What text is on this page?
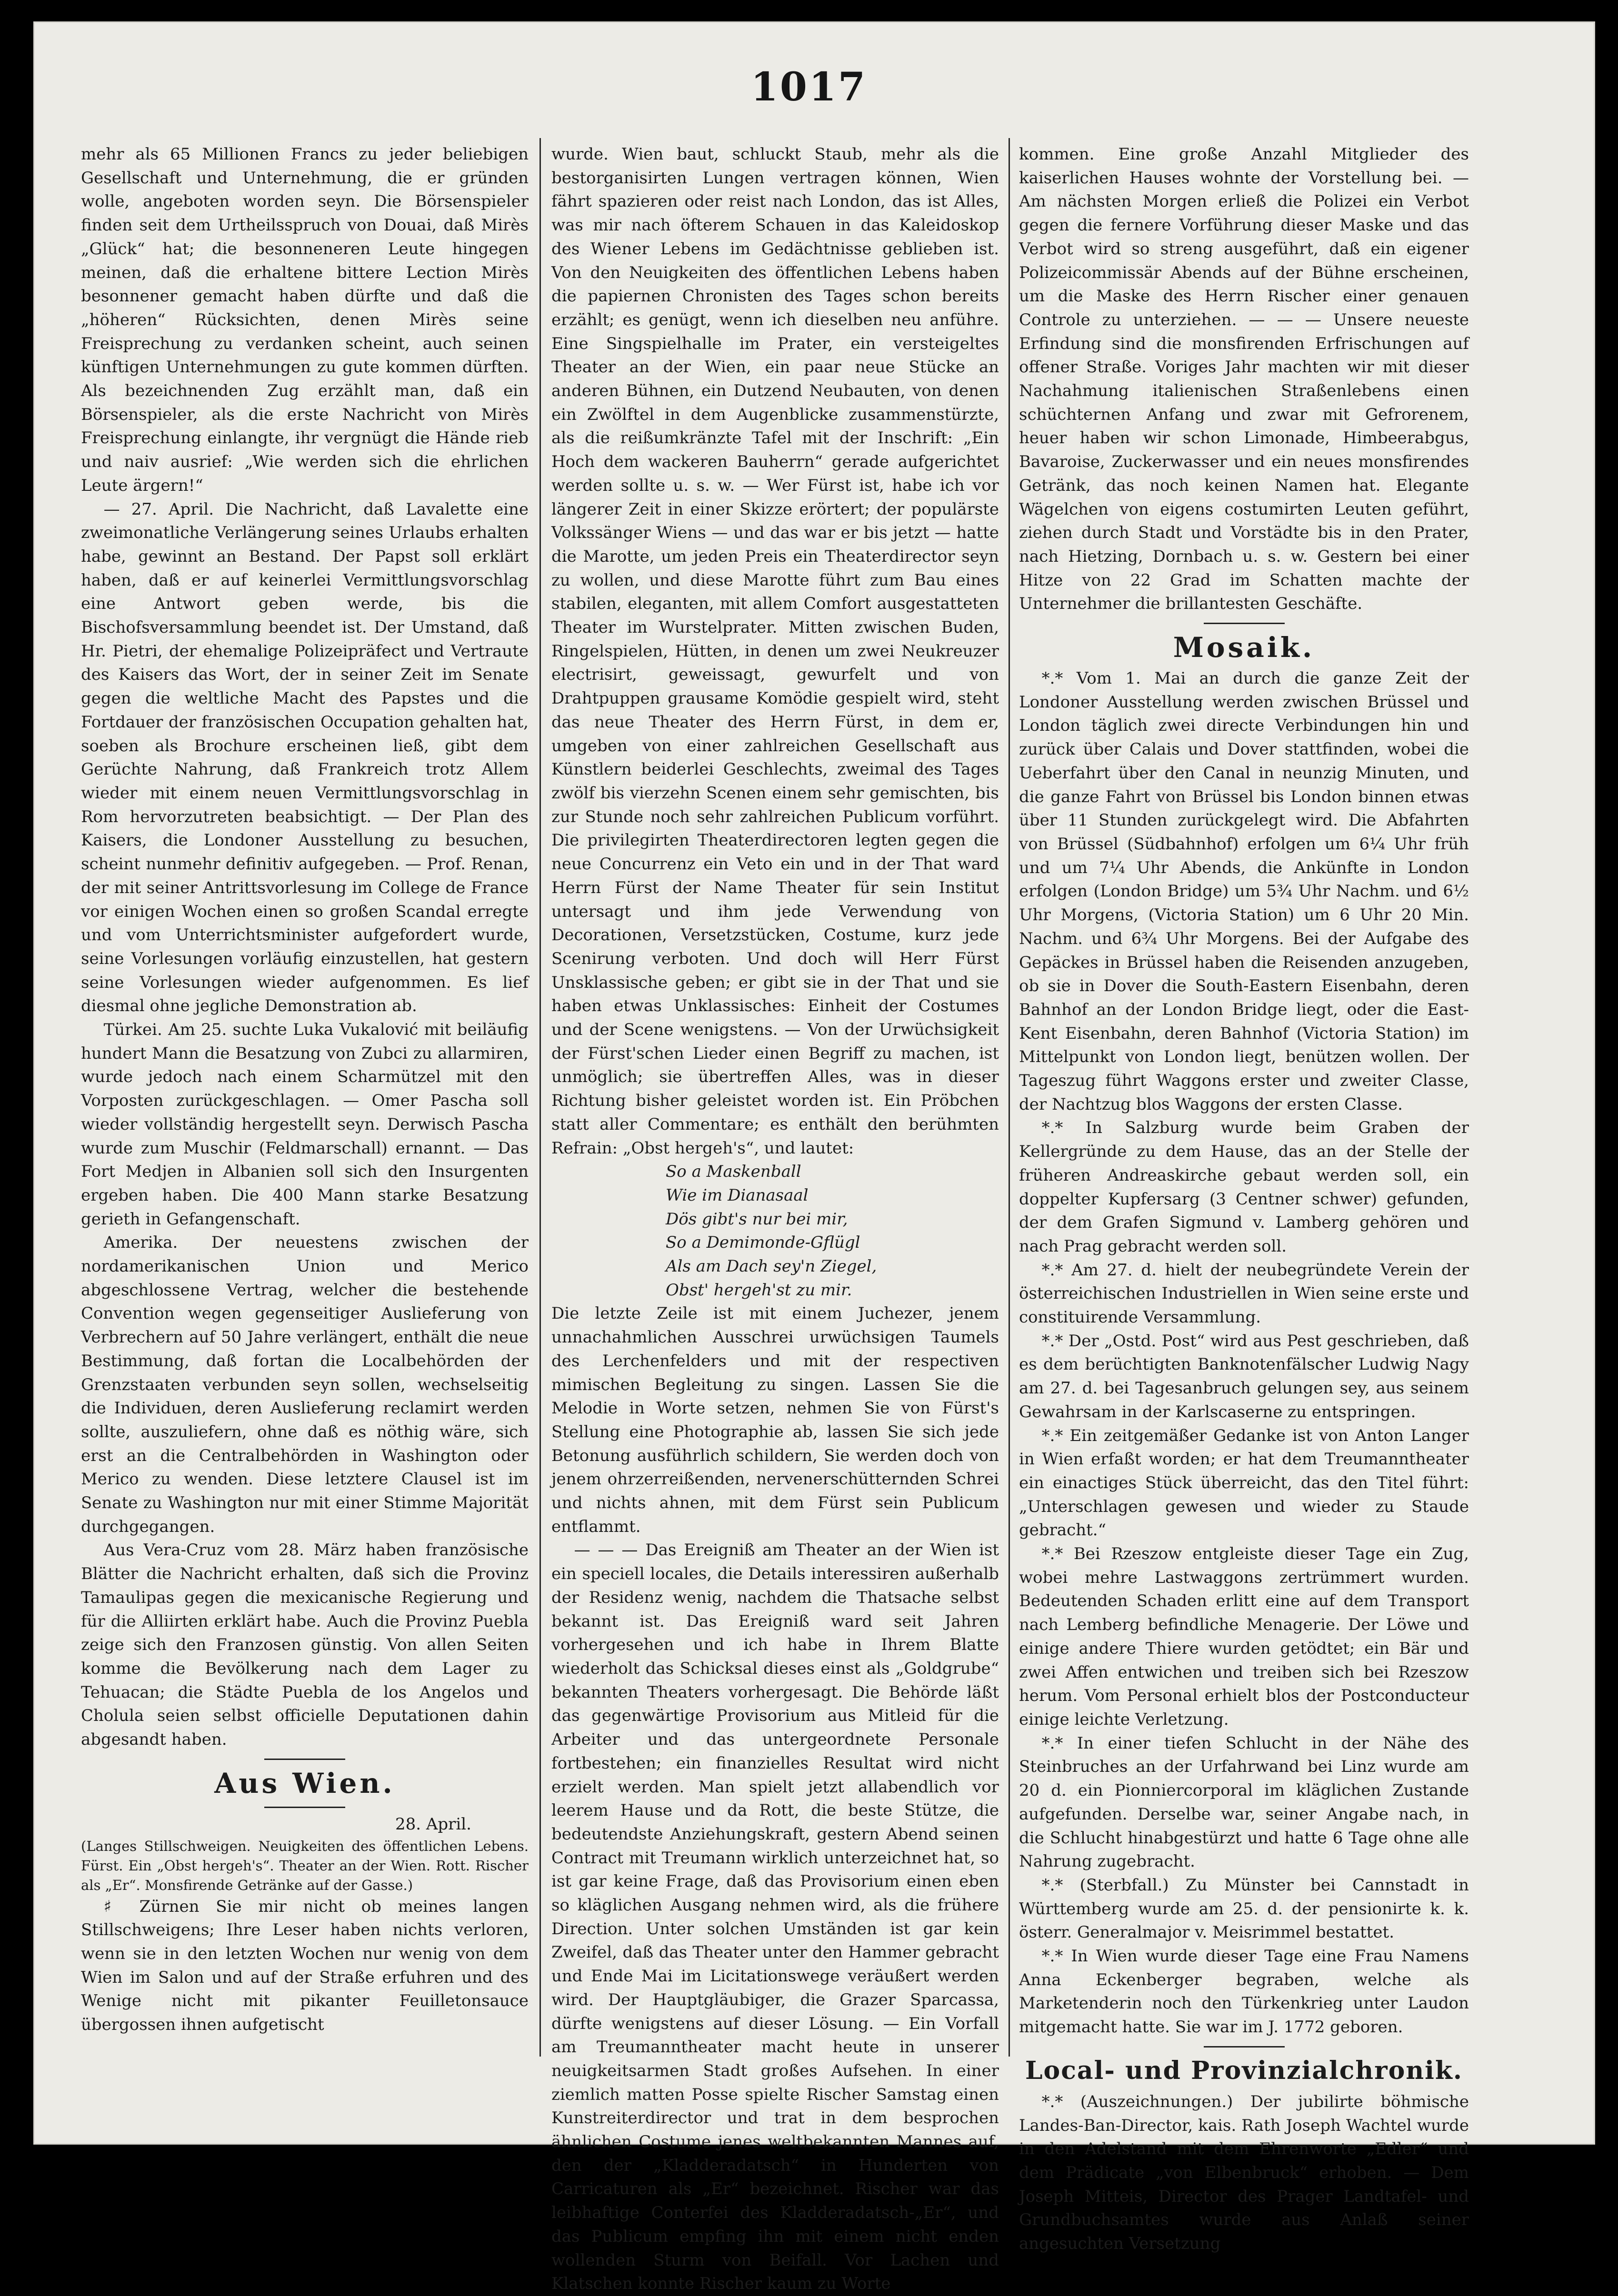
1017

mehr als 65 Millionen Francs zu jeder beliebigen Gesellschaft und Unternehmung, die er gründen wolle, angeboten worden seyn. Die Börsenspieler finden seit dem Urtheilsspruch von Douai, daß Mirès „Glück“ hat; die besonneneren Leute hingegen meinen, daß die erhaltene bittere Lection Mirès besonnener gemacht haben dürfte und daß die „höheren“ Rücksichten, denen Mirès seine Freisprechung zu verdanken scheint, auch seinen künftigen Unternehmungen zu gute kommen dürften. Als bezeichnenden Zug erzählt man, daß ein Börsenspieler, als die erste Nachricht von Mirès Freisprechung einlangte, ihr vergnügt die Hände rieb und naiv ausrief: „Wie werden sich die ehrlichen Leute ärgern!“

— 27. April. Die Nachricht, daß Lavalette eine zweimonatliche Verlängerung seines Urlaubs erhalten habe, gewinnt an Bestand. Der Papst soll erklärt haben, daß er auf keinerlei Vermittlungsvorschlag eine Antwort geben werde, bis die Bischofsversammlung beendet ist. Der Umstand, daß Hr. Pietri, der ehemalige Polizeipräfect und Vertraute des Kaisers das Wort, der in seiner Zeit im Senate gegen die weltliche Macht des Papstes und die Fortdauer der französischen Occupation gehalten hat, soeben als Brochure erscheinen ließ, gibt dem Gerüchte Nahrung, daß Frankreich trotz Allem wieder mit einem neuen Vermittlungsvorschlag in Rom hervorzutreten beabsichtigt. — Der Plan des Kaisers, die Londoner Ausstellung zu besuchen, scheint nunmehr definitiv aufgegeben. — Prof. Renan, der mit seiner Antrittsvorlesung im College de France vor einigen Wochen einen so großen Scandal erregte und vom Unterrichtsminister aufgefordert wurde, seine Vorlesungen vorläufig einzustellen, hat gestern seine Vorlesungen wieder aufgenommen. Es lief diesmal ohne jegliche Demonstration ab.

Türkei. Am 25. suchte Luka Vukalović mit beiläufig hundert Mann die Besatzung von Zubci zu allarmiren, wurde jedoch nach einem Scharmützel mit den Vorposten zurückgeschlagen. — Omer Pascha soll wieder vollständig hergestellt seyn. Derwisch Pascha wurde zum Muschir (Feldmarschall) ernannt. — Das Fort Medjen in Albanien soll sich den Insurgenten ergeben haben. Die 400 Mann starke Besatzung gerieth in Gefangenschaft.

Amerika. Der neuestens zwischen der nordamerikanischen Union und Merico abgeschlossene Vertrag, welcher die bestehende Convention wegen gegenseitiger Auslieferung von Verbrechern auf 50 Jahre verlängert, enthält die neue Bestimmung, daß fortan die Localbehörden der Grenzstaaten verbunden seyn sollen, wechselseitig die Individuen, deren Auslieferung reclamirt werden sollte, auszuliefern, ohne daß es nöthig wäre, sich erst an die Centralbehörden in Washington oder Merico zu wenden. Diese letztere Clausel ist im Senate zu Washington nur mit einer Stimme Majorität durchgegangen.

Aus Vera-Cruz vom 28. März haben französische Blätter die Nachricht erhalten, daß sich die Provinz Tamaulipas gegen die mexicanische Regierung und für die Alliirten erklärt habe. Auch die Provinz Puebla zeige sich den Franzosen günstig. Von allen Seiten komme die Bevölkerung nach dem Lager zu Tehuacan; die Städte Puebla de los Angelos und Cholula seien selbst officielle Deputationen dahin abgesandt haben.

Aus Wien.
28. April.

(Langes Stillschweigen. Neuigkeiten des öffentlichen Lebens. Fürst. Ein „Obst hergeh's“. Theater an der Wien. Rott. Rischer als „Er“. Monsfirende Getränke auf der Gasse.)

♯ Zürnen Sie mir nicht ob meines langen Stillschweigens; Ihre Leser haben nichts verloren, wenn sie in den letzten Wochen nur wenig von dem Wien im Salon und auf der Straße erfuhren und des Wenige nicht mit pikanter Feuilletonsauce übergossen ihnen aufgetischt

wurde. Wien baut, schluckt Staub, mehr als die bestorganisirten Lungen vertragen können, Wien fährt spazieren oder reist nach London, das ist Alles, was mir nach öfterem Schauen in das Kaleidoskop des Wiener Lebens im Gedächtnisse geblieben ist. Von den Neuigkeiten des öffentlichen Lebens haben die papiernen Chronisten des Tages schon bereits erzählt; es genügt, wenn ich dieselben neu anführe. Eine Singspielhalle im Prater, ein versteigeltes Theater an der Wien, ein paar neue Stücke an anderen Bühnen, ein Dutzend Neubauten, von denen ein Zwölftel in dem Augenblicke zusammenstürzte, als die reißumkränzte Tafel mit der Inschrift: „Ein Hoch dem wackeren Bauherrn“ gerade aufgerichtet werden sollte u. s. w. — Wer Fürst ist, habe ich vor längerer Zeit in einer Skizze erörtert; der populärste Volkssänger Wiens — und das war er bis jetzt — hatte die Marotte, um jeden Preis ein Theaterdirector seyn zu wollen, und diese Marotte führt zum Bau eines stabilen, eleganten, mit allem Comfort ausgestatteten Theater im Wurstelprater. Mitten zwischen Buden, Ringelspielen, Hütten, in denen um zwei Neukreuzer electrisirt, geweissagt, gewurfelt und von Drahtpuppen grausame Komödie gespielt wird, steht das neue Theater des Herrn Fürst, in dem er, umgeben von einer zahlreichen Gesellschaft aus Künstlern beiderlei Geschlechts, zweimal des Tages zwölf bis vierzehn Scenen einem sehr gemischten, bis zur Stunde noch sehr zahlreichen Publicum vorführt. Die privilegirten Theaterdirectoren legten gegen die neue Concurrenz ein Veto ein und in der That ward Herrn Fürst der Name Theater für sein Institut untersagt und ihm jede Verwendung von Decorationen, Versetzstücken, Costume, kurz jede Scenirung verboten. Und doch will Herr Fürst Unsklassische geben; er gibt sie in der That und sie haben etwas Unklassisches: Einheit der Costumes und der Scene wenigstens. — Von der Urwüchsigkeit der Fürst'schen Lieder einen Begriff zu machen, ist unmöglich; sie übertreffen Alles, was in dieser Richtung bisher geleistet worden ist. Ein Pröbchen statt aller Commentare; es enthält den berühmten Refrain: „Obst hergeh's“, und lautet:

So a Maskenball
Wie im Dianasaal
Dös gibt's nur bei mir,
So a Demimonde-Gflügl
Als am Dach sey'n Ziegel,
Obst' hergeh'st zu mir.

Die letzte Zeile ist mit einem Juchezer, jenem unnachahmlichen Ausschrei urwüchsigen Taumels des Lerchenfelders und mit der respectiven mimischen Begleitung zu singen. Lassen Sie die Melodie in Worte setzen, nehmen Sie von Fürst's Stellung eine Photographie ab, lassen Sie sich jede Betonung ausführlich schildern, Sie werden doch von jenem ohrzerreißenden, nervenerschütternden Schrei und nichts ahnen, mit dem Fürst sein Publicum entflammt.

— — — Das Ereigniß am Theater an der Wien ist ein speciell locales, die Details interessiren außerhalb der Residenz wenig, nachdem die Thatsache selbst bekannt ist. Das Ereigniß ward seit Jahren vorhergesehen und ich habe in Ihrem Blatte wiederholt das Schicksal dieses einst als „Goldgrube“ bekannten Theaters vorhergesagt. Die Behörde läßt das gegenwärtige Provisorium aus Mitleid für die Arbeiter und das untergeordnete Personale fortbestehen; ein finanzielles Resultat wird nicht erzielt werden. Man spielt jetzt allabendlich vor leerem Hause und da Rott, die beste Stütze, die bedeutendste Anziehungskraft, gestern Abend seinen Contract mit Treumann wirklich unterzeichnet hat, so ist gar keine Frage, daß das Provisorium einen eben so kläglichen Ausgang nehmen wird, als die frühere Direction. Unter solchen Umständen ist gar kein Zweifel, daß das Theater unter den Hammer gebracht und Ende Mai im Licitationswege veräußert werden wird. Der Hauptgläubiger, die Grazer Sparcassa, dürfte wenigstens auf dieser Lösung. — Ein Vorfall am Treumanntheater macht heute in unserer neuigkeitsarmen Stadt großes Aufsehen. In einer ziemlich matten Posse spielte Rischer Samstag einen Kunstreiterdirector und trat in dem besprochen ähnlichen Costume jenes weltbekannten Mannes auf, den der „Kladderadatsch“ in Hunderten von Carricaturen als „Er“ bezeichnet. Rischer war das leibhaftige Conterfei des Kladderadatsch-„Er“, und das Publicum empfing ihn mit einem nicht enden wollenden Sturm von Beifall. Vor Lachen und Klatschen konnte Rischer kaum zu Worte

kommen. Eine große Anzahl Mitglieder des kaiserlichen Hauses wohnte der Vorstellung bei. — Am nächsten Morgen erließ die Polizei ein Verbot gegen die fernere Vorführung dieser Maske und das Verbot wird so streng ausgeführt, daß ein eigener Polizeicommissär Abends auf der Bühne erscheinen, um die Maske des Herrn Rischer einer genauen Controle zu unterziehen. — — — Unsere neueste Erfindung sind die monsfirenden Erfrischungen auf offener Straße. Voriges Jahr machten wir mit dieser Nachahmung italienischen Straßenlebens einen schüchternen Anfang und zwar mit Gefrorenem, heuer haben wir schon Limonade, Himbeerabgus, Bavaroise, Zuckerwasser und ein neues monsfirendes Getränk, das noch keinen Namen hat. Elegante Wägelchen von eigens costumirten Leuten geführt, ziehen durch Stadt und Vorstädte bis in den Prater, nach Hietzing, Dornbach u. s. w. Gestern bei einer Hitze von 22 Grad im Schatten machte der Unternehmer die brillantesten Geschäfte.

Mosaik.

*.* Vom 1. Mai an durch die ganze Zeit der Londoner Ausstellung werden zwischen Brüssel und London täglich zwei directe Verbindungen hin und zurück über Calais und Dover stattfinden, wobei die Ueberfahrt über den Canal in neunzig Minuten, und die ganze Fahrt von Brüssel bis London binnen etwas über 11 Stunden zurückgelegt wird. Die Abfahrten von Brüssel (Südbahnhof) erfolgen um 6¼ Uhr früh und um 7¼ Uhr Abends, die Ankünfte in London erfolgen (London Bridge) um 5¾ Uhr Nachm. und 6½ Uhr Morgens, (Victoria Station) um 6 Uhr 20 Min. Nachm. und 6¾ Uhr Morgens. Bei der Aufgabe des Gepäckes in Brüssel haben die Reisenden anzugeben, ob sie in Dover die South-Eastern Eisenbahn, deren Bahnhof an der London Bridge liegt, oder die East-Kent Eisenbahn, deren Bahnhof (Victoria Station) im Mittelpunkt von London liegt, benützen wollen. Der Tageszug führt Waggons erster und zweiter Classe, der Nachtzug blos Waggons der ersten Classe.

*.* In Salzburg wurde beim Graben der Kellergründe zu dem Hause, das an der Stelle der früheren Andreaskirche gebaut werden soll, ein doppelter Kupfersarg (3 Centner schwer) gefunden, der dem Grafen Sigmund v. Lamberg gehören und nach Prag gebracht werden soll.

*.* Am 27. d. hielt der neubegründete Verein der österreichischen Industriellen in Wien seine erste und constituirende Versammlung.

*.* Der „Ostd. Post“ wird aus Pest geschrieben, daß es dem berüchtigten Banknotenfälscher Ludwig Nagy am 27. d. bei Tagesanbruch gelungen sey, aus seinem Gewahrsam in der Karlscaserne zu entspringen.

*.* Ein zeitgemäßer Gedanke ist von Anton Langer in Wien erfaßt worden; er hat dem Treumanntheater ein einactiges Stück überreicht, das den Titel führt: „Unterschlagen gewesen und wieder zu Staude gebracht.“

*.* Bei Rzeszow entgleiste dieser Tage ein Zug, wobei mehre Lastwaggons zertrümmert wurden. Bedeutenden Schaden erlitt eine auf dem Transport nach Lemberg befindliche Menagerie. Der Löwe und einige andere Thiere wurden getödtet; ein Bär und zwei Affen entwichen und treiben sich bei Rzeszow herum. Vom Personal erhielt blos der Postconducteur einige leichte Verletzung.

*.* In einer tiefen Schlucht in der Nähe des Steinbruches an der Urfahrwand bei Linz wurde am 20 d. ein Pionniercorporal im kläglichen Zustande aufgefunden. Derselbe war, seiner Angabe nach, in die Schlucht hinabgestürzt und hatte 6 Tage ohne alle Nahrung zugebracht.

*.* (Sterbfall.) Zu Münster bei Cannstadt in Württemberg wurde am 25. d. der pensionirte k. k. österr. Generalmajor v. Meisrimmel bestattet.

*.* In Wien wurde dieser Tage eine Frau Namens Anna Eckenberger begraben, welche als Marketenderin noch den Türkenkrieg unter Laudon mitgemacht hatte. Sie war im J. 1772 geboren.

Local- und Provinzialchronik.

*.* (Auszeichnungen.) Der jubilirte böhmische Landes-Ban-Director, kais. Rath Joseph Wachtel wurde in den Adelstand mit dem Ehrenworte „Edler“ und dem Prädicate „von Elbenbruck“ erhoben. — Dem Joseph Mitteis, Director des Prager Landtafel- und Grundbuchsamtes wurde aus Anlaß seiner angesuchten Versetzung
